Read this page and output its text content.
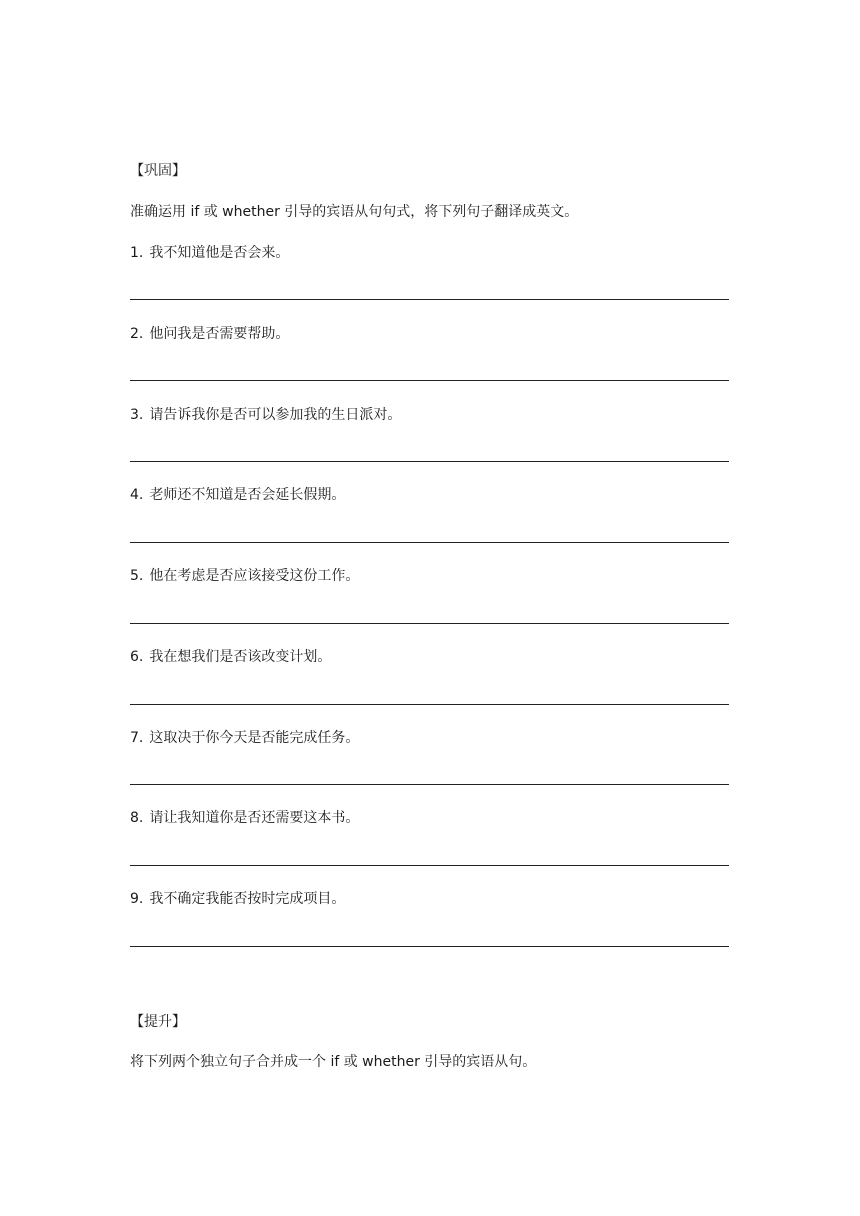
【巩固】
准确运用 if 或 whether 引导的宾语从句句式，将下列句子翻译成英文。
1. 我不知道他是否会来。
2. 他问我是否需要帮助。
3. 请告诉我你是否可以参加我的生日派对。
4. 老师还不知道是否会延长假期。
5. 他在考虑是否应该接受这份工作。
6. 我在想我们是否该改变计划。
7. 这取决于你今天是否能完成任务。
8. 请让我知道你是否还需要这本书。
9. 我不确定我能否按时完成项目。
【提升】
将下列两个独立句子合并成一个 if 或 whether 引导的宾语从句。
